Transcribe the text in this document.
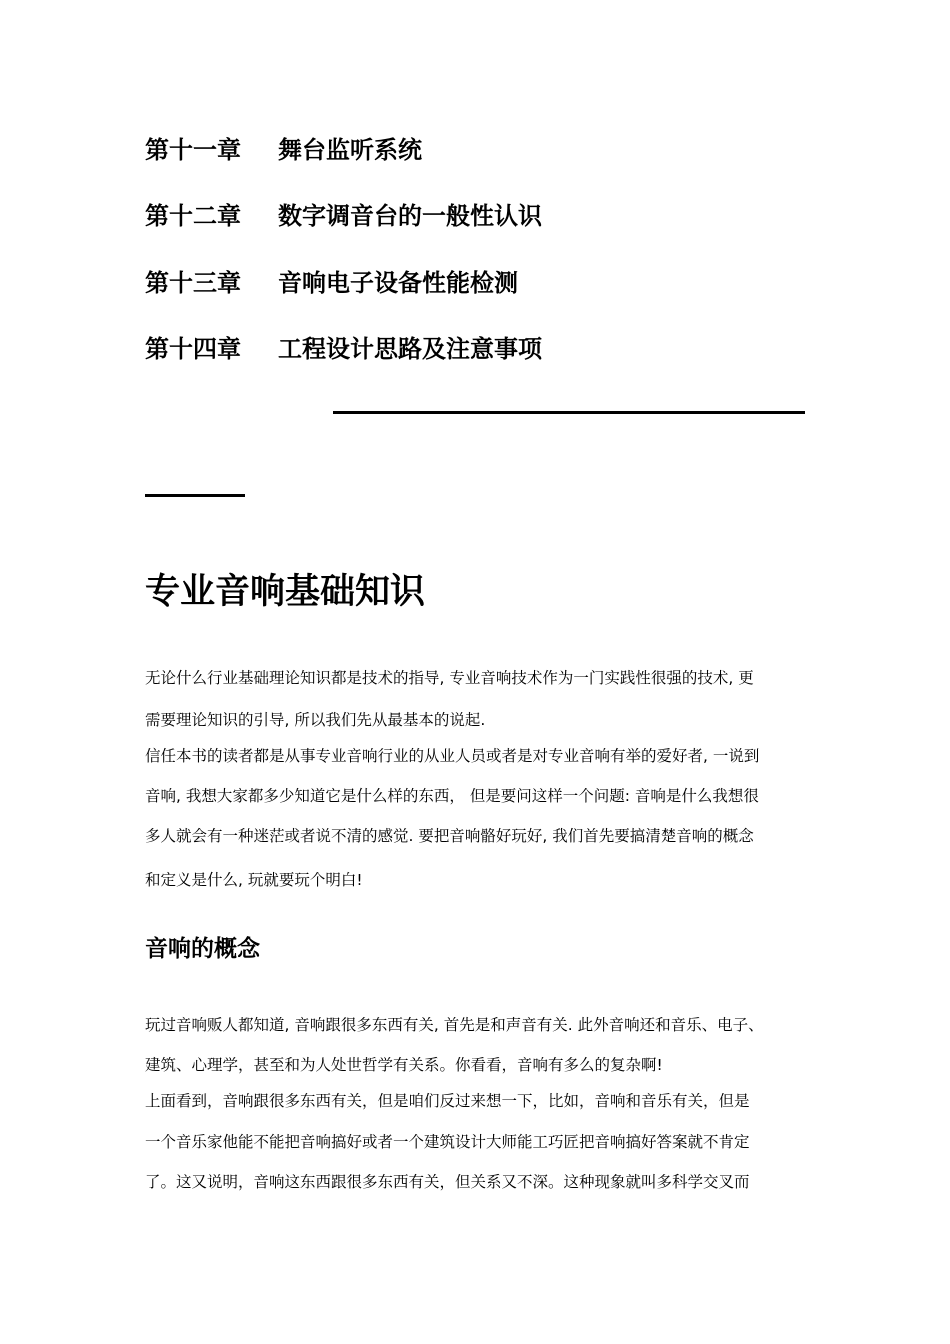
第十一章 舞台监听系统
第十二章 数字调音台的一般性认识
第十三章 音响电子设备性能检测
第十四章 工程设计思路及注意事项
专业音响基础知识
无论什么行业基础理论知识都是技术的指导, 专业音响技术作为一门实践性很强的技术, 更
需要理论知识的引导, 所以我们先从最基本的说起.
信任本书的读者都是从事专业音响行业的从业人员或者是对专业音响有举的爱好者, 一说到
音响, 我想大家都多少知道它是什么样的东西， 但是要问这样一个问题: 音响是什么我想很
多人就会有一种迷茫或者说不清的感觉. 要把音响骼好玩好, 我们首先要搞清楚音响的概念
和定义是什么, 玩就要玩个明白!
音响的概念
玩过音响贩人都知道, 音响跟很多东西有关, 首先是和声音有关. 此外音响还和音乐、电子、
建筑、心理学，甚至和为人处世哲学有关系。你看看，音响有多么的复杂啊!
上面看到，音响跟很多东西有关，但是咱们反过来想一下，比如，音响和音乐有关，但是
一个音乐家他能不能把音响搞好或者一个建筑设计大师能工巧匠把音响搞好答案就不肯定
了。这又说明，音响这东西跟很多东西有关，但关系又不深。这种现象就叫多科学交叉而
